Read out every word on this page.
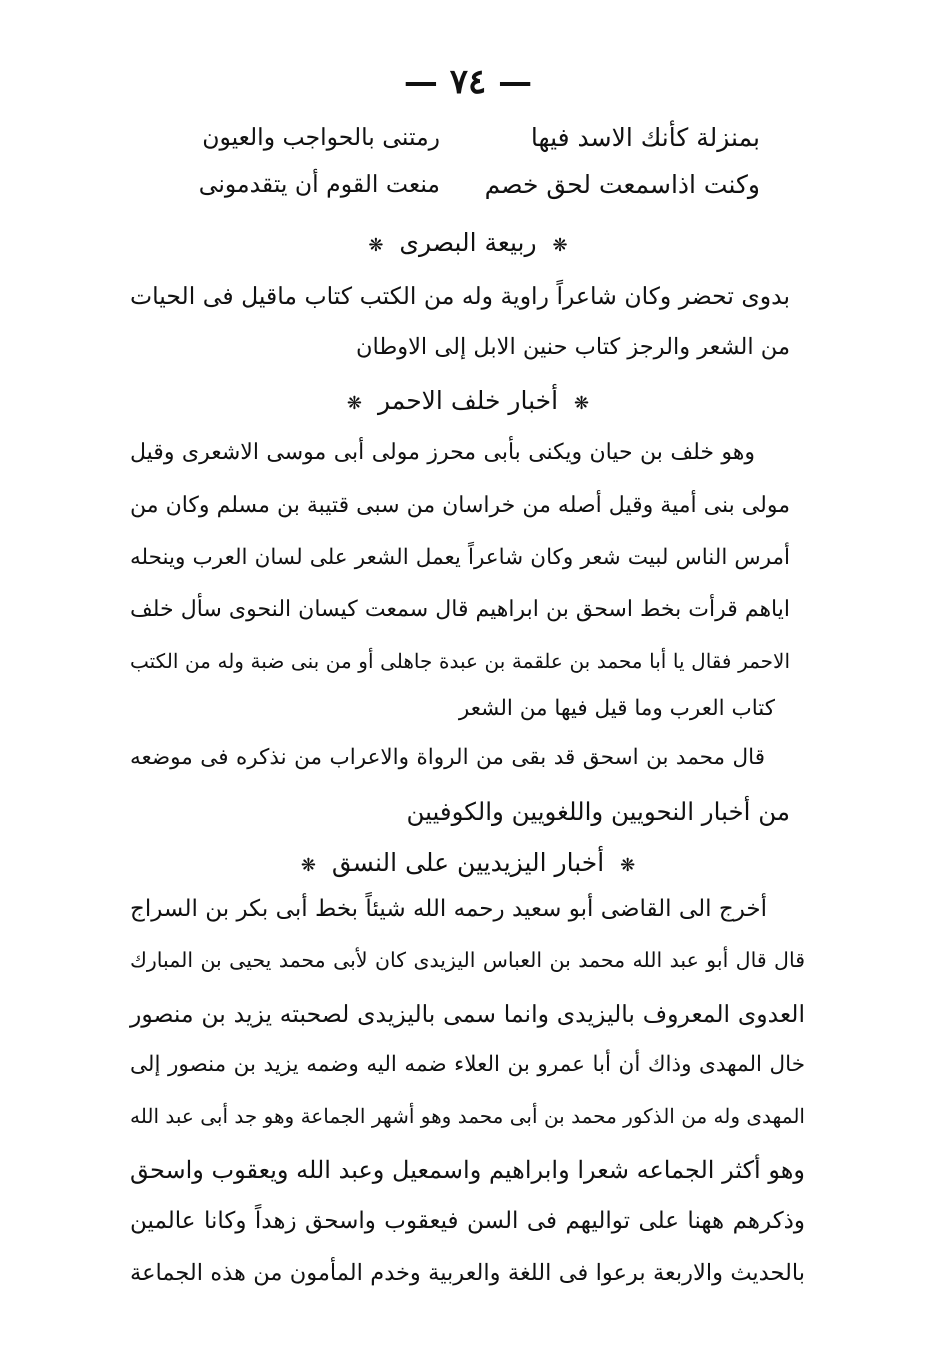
— ٧٤ —
بمنزلة كأنك الاسد فيها
رمتنى بالحواجب والعيون
وكنت اذاسمعت لحق خصم
منعت القوم أن يتقدمونى
❋ ربيعة البصرى ❋
بدوى تحضر وكان شاعراً راوية وله من الكتب كتاب ماقيل فى الحيات
من الشعر والرجز كتاب حنين الابل إلى الاوطان
❋ أخبار خلف الاحمر ❋
وهو خلف بن حيان ويكنى بأبى محرز مولى أبى موسى الاشعرى وقيل
مولى بنى أمية وقيل أصله من خراسان من سبى قتيبة بن مسلم وكان من
أمرس الناس لبيت شعر وكان شاعراً يعمل الشعر على لسان العرب وينحله
اياهم قرأت بخط اسحق بن ابراهيم قال سمعت كيسان النحوى سأل خلف
الاحمر فقال يا أبا محمد بن علقمة بن عبدة جاهلى أو من بنى ضبة وله من الكتب
كتاب العرب وما قيل فيها من الشعر
قال محمد بن اسحق قد بقى من الرواة والاعراب من نذكره فى موضعه
من أخبار النحويين واللغويين والكوفيين
❋ أخبار اليزيديين على النسق ❋
أخرج الى القاضى أبو سعيد رحمه الله شيئاً بخط أبى بكر بن السراج
قال قال أبو عبد الله محمد بن العباس اليزيدى كان لأبى محمد يحيى بن المبارك
العدوى المعروف باليزيدى وانما سمى باليزيدى لصحبته يزيد بن منصور
خال المهدى وذاك أن أبا عمرو بن العلاء ضمه اليه وضمه يزيد بن منصور إلى
المهدى وله من الذكور محمد بن أبى محمد وهو أشهر الجماعة وهو جد أبى عبد الله
وهو أكثر الجماعه شعرا وابراهيم واسمعيل وعبد الله ويعقوب واسحق
وذكرهم ههنا على تواليهم فى السن فيعقوب واسحق زهداً وكانا عالمين
بالحديث والاربعة برعوا فى اللغة والعربية وخدم المأمون من هذه الجماعة
